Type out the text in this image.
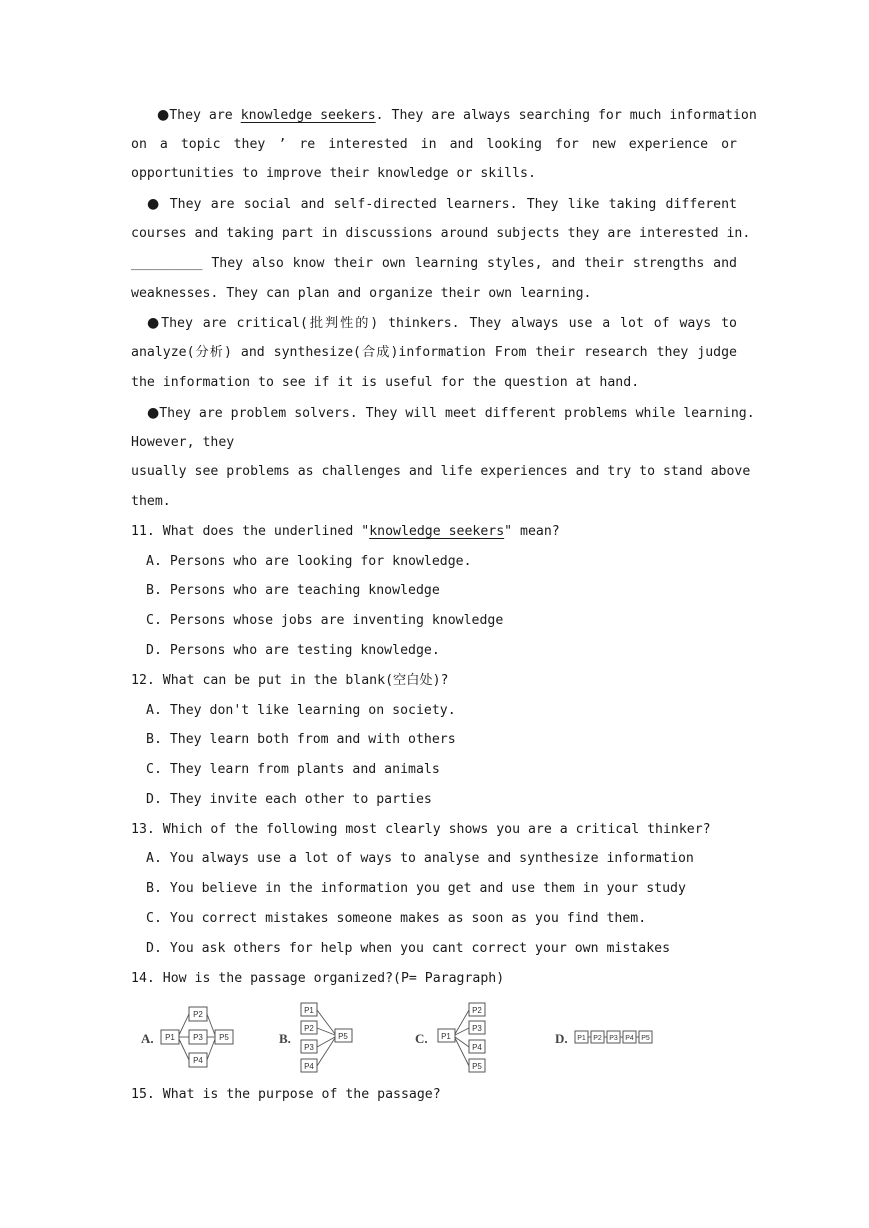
●They are knowledge seekers. They are always searching for much information
on a topic they ’ re interested in and looking for new experience or
opportunities to improve their knowledge or skills.
● They are social and self-directed learners. They like taking different
courses and taking part in discussions around subjects they are interested in.
_________ They also know their own learning styles, and their strengths and
weaknesses. They can plan and organize their own learning.
●They are critical(批判性的) thinkers. They always use a lot of ways to
analyze(分析) and synthesize(合成)information From their research they judge
the information to see if it is useful for the question at hand.
●They are problem solvers. They will meet different problems while learning.
However, they
usually see problems as challenges and life experiences and try to stand above
them.
11. What does the underlined "knowledge seekers" mean?
A. Persons who are looking for knowledge.
B. Persons who are teaching knowledge
C. Persons whose jobs are inventing knowledge
D. Persons who are testing knowledge.
12. What can be put in the blank(空白处)?
A. They don't like learning on society.
B. They learn both from and with others
C. They learn from plants and animals
D. They invite each other to parties
13. Which of the following most clearly shows you are a critical thinker?
A. You always use a lot of ways to analyse and synthesize information
B. You believe in the information you get and use them in your study
C. You correct mistakes someone makes as soon as you find them.
D. You ask others for help when you cant correct your own mistakes
14. How is the passage organized?(P= Paragraph)
A. P1
P2
P3
P4
P5	B.
P1
P2
P3
P4
P5	C. P1
P2
P3
P4
P5
D. P1 P2 P3 P4 P5
15. What is the purpose of the passage?
